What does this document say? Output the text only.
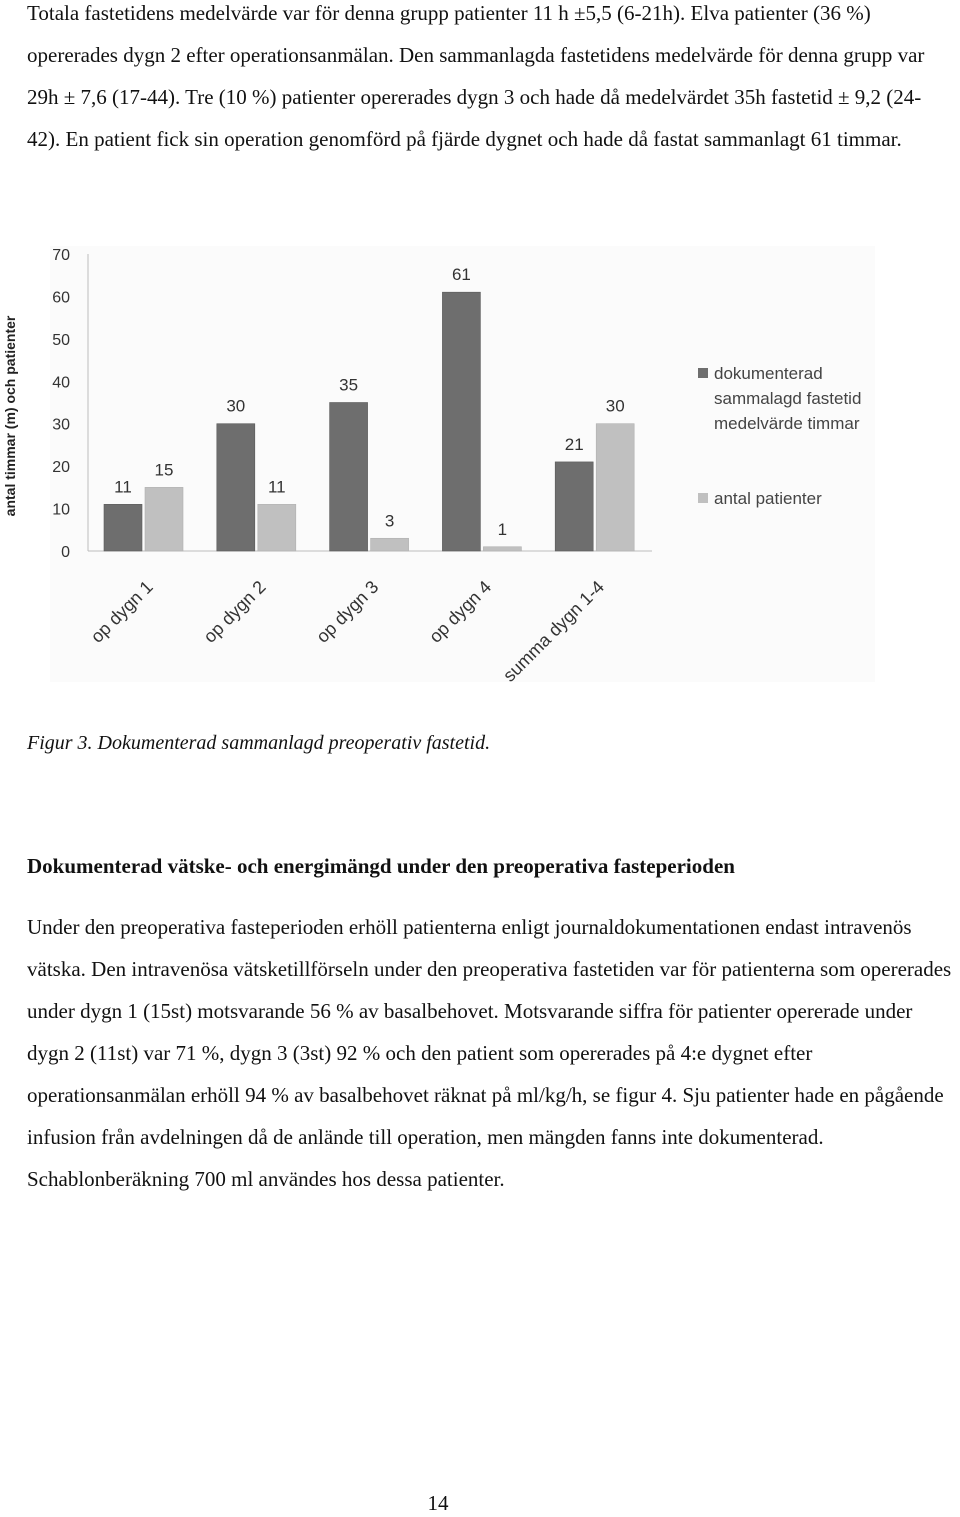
Totala fastetidens medelvärde var för denna grupp patienter 11 h ±5,5 (6-21h). Elva patienter (36 %) opererades dygn 2 efter operationsanmälan. Den sammanlagda fastetidens medelvärde för denna grupp var 29h ± 7,6 (17-44). Tre (10 %) patienter opererades dygn 3 och hade då medelvärdet 35h fastetid ± 9,2 (24-42). En patient fick sin operation genomförd på fjärde dygnet och hade då fastat sammanlagt 61 timmar.

antal timmar (m) och patienter
0
10
20
30
40
50
60
70
11
15
30
11
35
3
61
1
21
30
op dygn 1 op dygn 2 op dygn 3 op dygn 4 summa dygn 1-4
dokumenterad
sammalagd fastetid
medelvärde timmar
antal patienter

Figur 3. Dokumenterad sammanlagd preoperativ fastetid.

Dokumenterad vätske- och energimängd under den preoperativa fasteperioden

Under den preoperativa fasteperioden erhöll patienterna enligt journaldokumentationen endast intravenös vätska. Den intravenösa vätsketillförseln under den preoperativa fastetiden var för patienterna som opererades under dygn 1 (15st) motsvarande 56 % av basalbehovet. Motsvarande siffra för patienter opererade under dygn 2 (11st) var 71 %, dygn 3 (3st) 92 % och den patient som opererades på 4:e dygnet efter operationsanmälan erhöll 94 % av basalbehovet räknat på ml/kg/h, se figur 4. Sju patienter hade en pågående infusion från avdelningen då de anlände till operation, men mängden fanns inte dokumenterad. Schablonberäkning 700 ml användes hos dessa patienter.

14
